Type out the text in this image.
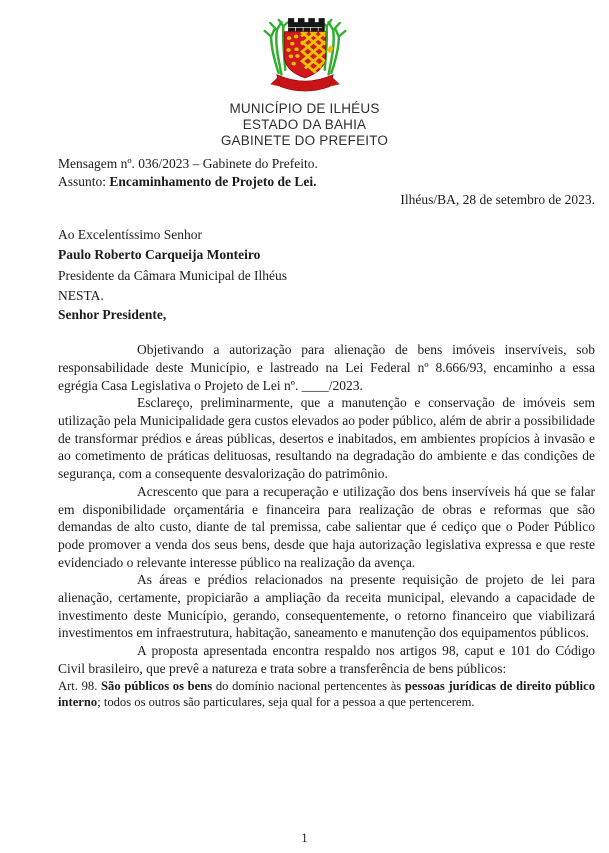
MUNICÍPIO DE ILHÉUS
ESTADO DA BAHIA
GABINETE DO PREFEITO

Mensagem nº. 036/2023 – Gabinete do Prefeito.

Assunto: Encaminhamento de Projeto de Lei.

Ilhéus/BA, 28 de setembro de 2023.

Ao Excelentíssimo Senhor
Paulo Roberto Carqueija Monteiro
Presidente da Câmara Municipal de Ilhéus
NESTA.

Senhor Presidente,

Objetivando a autorização para alienação de bens imóveis inservíveis, sob responsabilidade deste Município, e lastreado na Lei Federal nº 8.666/93, encaminho a essa egrégia Casa Legislativa o Projeto de Lei nº. ____/2023.

Esclareço, preliminarmente, que a manutenção e conservação de imóveis sem utilização pela Municipalidade gera custos elevados ao poder público, além de abrir a possibilidade de transformar prédios e áreas públicas, desertos e inabitados, em ambientes propícios à invasão e ao cometimento de práticas delituosas, resultando na degradação do ambiente e das condições de segurança, com a consequente desvalorização do patrimônio.

Acrescento que para a recuperação e utilização dos bens inservíveis há que se falar em disponibilidade orçamentária e financeira para realização de obras e reformas que são demandas de alto custo, diante de tal premissa, cabe salientar que é cediço que o Poder Público pode promover a venda dos seus bens, desde que haja autorização legislativa expressa e que reste evidenciado o relevante interesse público na realização da avença.

As áreas e prédios relacionados na presente requisição de projeto de lei para alienação, certamente, propiciarão a ampliação da receita municipal, elevando a capacidade de investimento deste Município, gerando, consequentemente, o retorno financeiro que viabilizará investimentos em infraestrutura, habitação, saneamento e manutenção dos equipamentos públicos.

A proposta apresentada encontra respaldo nos artigos 98, caput e 101 do Código Civil brasileiro, que prevê a natureza e trata sobre a transferência de bens públicos:

Art. 98. São públicos os bens do domínio nacional pertencentes às pessoas jurídicas de direito público interno; todos os outros são particulares, seja qual for a pessoa a que pertencerem.

1
